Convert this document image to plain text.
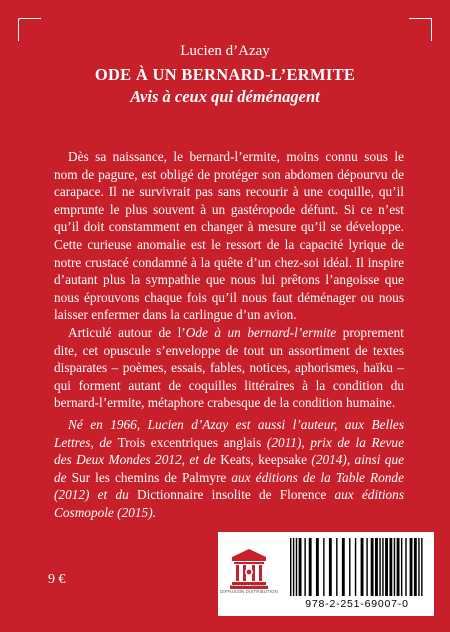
Lucien d’Azay

ODE À UN BERNARD-L’ERMITE

Avis à ceux qui déménagent

Dès sa naissance, le bernard-l’ermite, moins connu sous le nom de pagure, est obligé de protéger son abdomen dépourvu de carapace. Il ne survivrait pas sans recourir à une coquille, qu’il emprunte le plus souvent à un gastéropode défunt. Si ce n’est qu’il doit constamment en changer à mesure qu’il se développe. Cette curieuse anomalie est le ressort de la capacité lyrique de notre crustacé condamné à la quête d’un chez-soi idéal. Il inspire d’autant plus la sympathie que nous lui prêtons l’angoisse que nous éprouvons chaque fois qu’il nous faut déménager ou nous laisser enfermer dans la carlingue d’un avion.

Articulé autour de l’Ode à un bernard-l’ermite proprement dite, cet opuscule s’enveloppe de tout un assortiment de textes disparates – poèmes, essais, fables, notices, aphorismes, haïku – qui forment autant de coquilles littéraires à la condition du bernard-l’ermite, métaphore crabesque de la condition humaine.

Né en 1966, Lucien d’Azay est aussi l’auteur, aux Belles Lettres, de Trois excentriques anglais (2011), prix de la Revue des Deux Mondes 2012, et de Keats, keepsake (2014), ainsi que de Sur les chemins de Palmyre aux éditions de la Table Ronde (2012) et du Dictionnaire insolite de Florence aux éditions Cosmopole (2015).

9 €	BELLES LETTRES DIFFUSION DISTRIBUTION
978-2-251-69007-0
